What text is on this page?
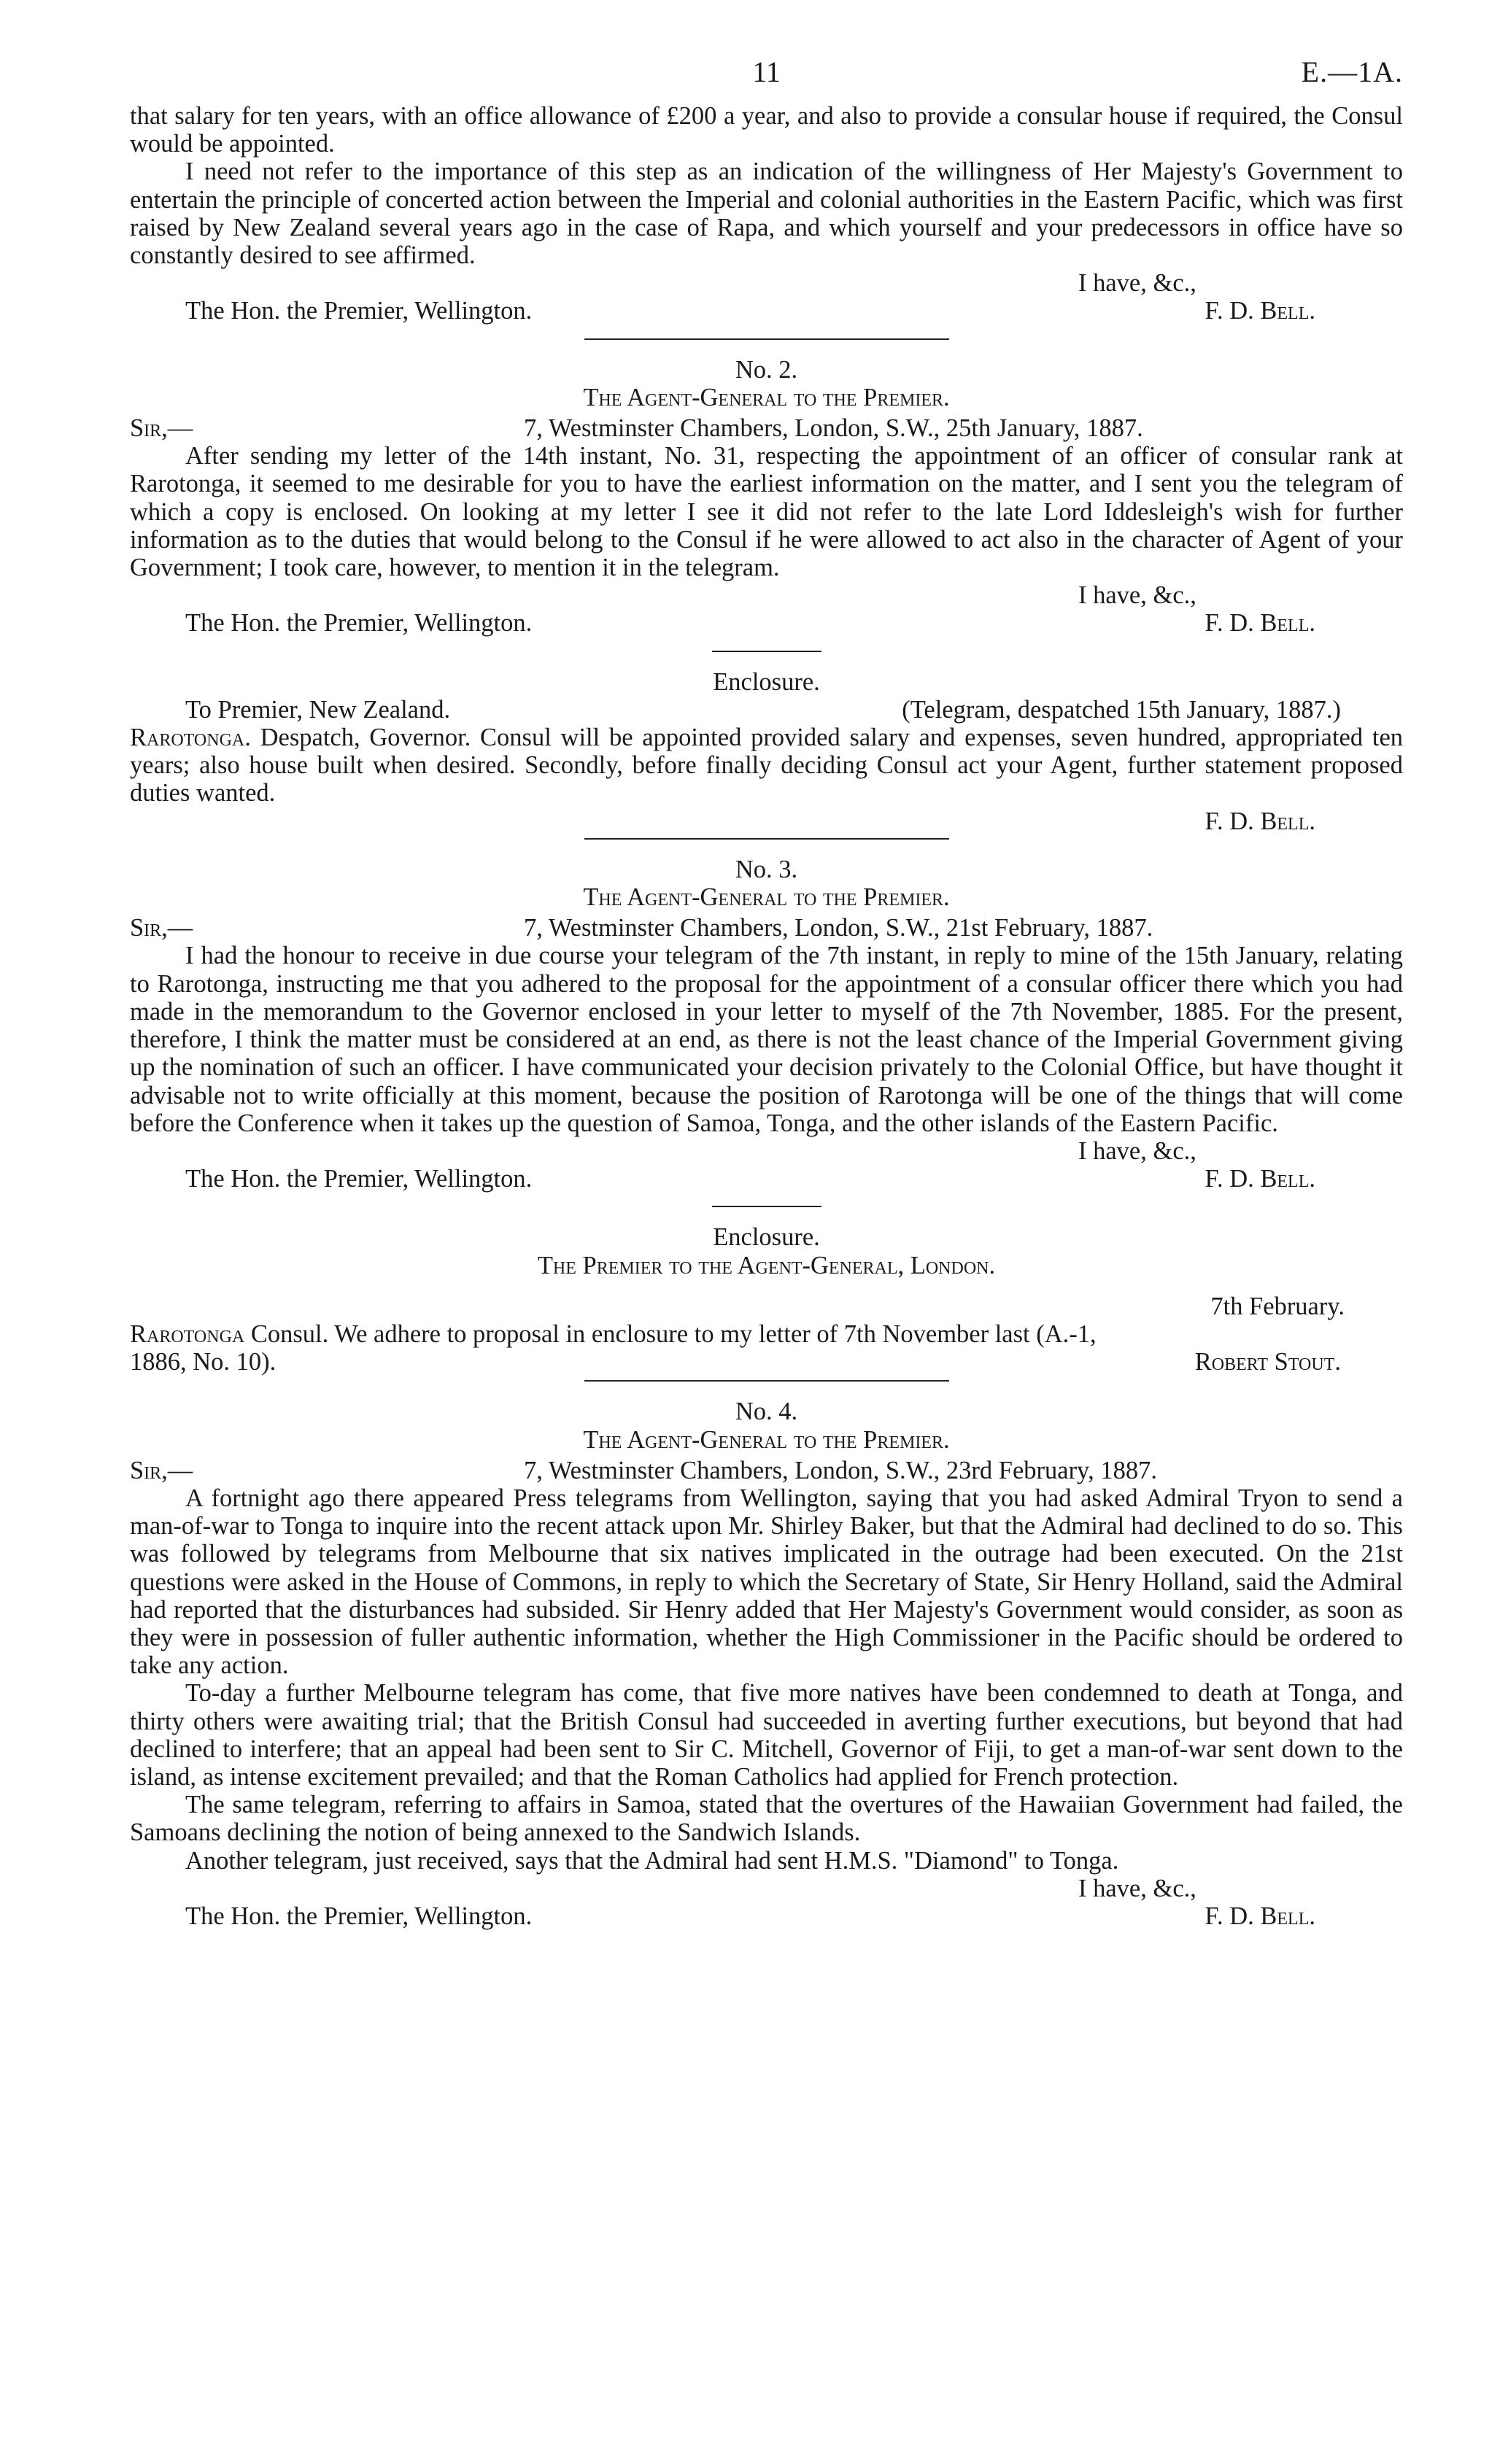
11	E.—1A.

that salary for ten years, with an office allowance of £200 a year, and also to provide a consular house if required, the Consul would be appointed.

I need not refer to the importance of this step as an indication of the willingness of Her Majesty's Government to entertain the principle of concerted action between the Imperial and colonial authorities in the Eastern Pacific, which was first raised by New Zealand several years ago in the case of Rapa, and which yourself and your predecessors in office have so constantly desired to see affirmed.

I have, &c.,
The Hon. the Premier, Wellington.	F. D. Bell.
No. 2.
The Agent-General to the Premier.
Sir,—	7, Westminster Chambers, London, S.W., 25th January, 1887.

After sending my letter of the 14th instant, No. 31, respecting the appointment of an officer of consular rank at Rarotonga, it seemed to me desirable for you to have the earliest information on the matter, and I sent you the telegram of which a copy is enclosed. On looking at my letter I see it did not refer to the late Lord Iddesleigh's wish for further information as to the duties that would belong to the Consul if he were allowed to act also in the character of Agent of your Government; I took care, however, to mention it in the telegram.

I have, &c.,
The Hon. the Premier, Wellington.	F. D. Bell.
Enclosure.
To Premier, New Zealand.	(Telegram, despatched 15th January, 1887.)

Rarotonga. Despatch, Governor. Consul will be appointed provided salary and expenses, seven hundred, appropriated ten years; also house built when desired. Secondly, before finally deciding Consul act your Agent, further statement proposed duties wanted.

F. D. Bell.
No. 3.
The Agent-General to the Premier.
Sir,—	7, Westminster Chambers, London, S.W., 21st February, 1887.

I had the honour to receive in due course your telegram of the 7th instant, in reply to mine of the 15th January, relating to Rarotonga, instructing me that you adhered to the proposal for the appointment of a consular officer there which you had made in the memorandum to the Governor enclosed in your letter to myself of the 7th November, 1885. For the present, therefore, I think the matter must be considered at an end, as there is not the least chance of the Imperial Government giving up the nomination of such an officer. I have communicated your decision privately to the Colonial Office, but have thought it advisable not to write officially at this moment, because the position of Rarotonga will be one of the things that will come before the Conference when it takes up the question of Samoa, Tonga, and the other islands of the Eastern Pacific.

I have, &c.,
The Hon. the Premier, Wellington.	F. D. Bell.
Enclosure.
The Premier to the Agent-General, London.
7th February.

Rarotonga Consul. We adhere to proposal in enclosure to my letter of 7th November last (A.-1,

1886, No. 10).	Robert Stout.
No. 4.
The Agent-General to the Premier.
Sir,—	7, Westminster Chambers, London, S.W., 23rd February, 1887.

A fortnight ago there appeared Press telegrams from Wellington, saying that you had asked Admiral Tryon to send a man-of-war to Tonga to inquire into the recent attack upon Mr. Shirley Baker, but that the Admiral had declined to do so. This was followed by telegrams from Melbourne that six natives implicated in the outrage had been executed. On the 21st questions were asked in the House of Commons, in reply to which the Secretary of State, Sir Henry Holland, said the Admiral had reported that the disturbances had subsided. Sir Henry added that Her Majesty's Government would consider, as soon as they were in possession of fuller authentic information, whether the High Commissioner in the Pacific should be ordered to take any action.

To-day a further Melbourne telegram has come, that five more natives have been condemned to death at Tonga, and thirty others were awaiting trial; that the British Consul had succeeded in averting further executions, but beyond that had declined to interfere; that an appeal had been sent to Sir C. Mitchell, Governor of Fiji, to get a man-of-war sent down to the island, as intense excitement prevailed; and that the Roman Catholics had applied for French protection.

The same telegram, referring to affairs in Samoa, stated that the overtures of the Hawaiian Government had failed, the Samoans declining the notion of being annexed to the Sandwich Islands.

Another telegram, just received, says that the Admiral had sent H.M.S. "Diamond" to Tonga.

I have, &c.,
The Hon. the Premier, Wellington.	F. D. Bell.
